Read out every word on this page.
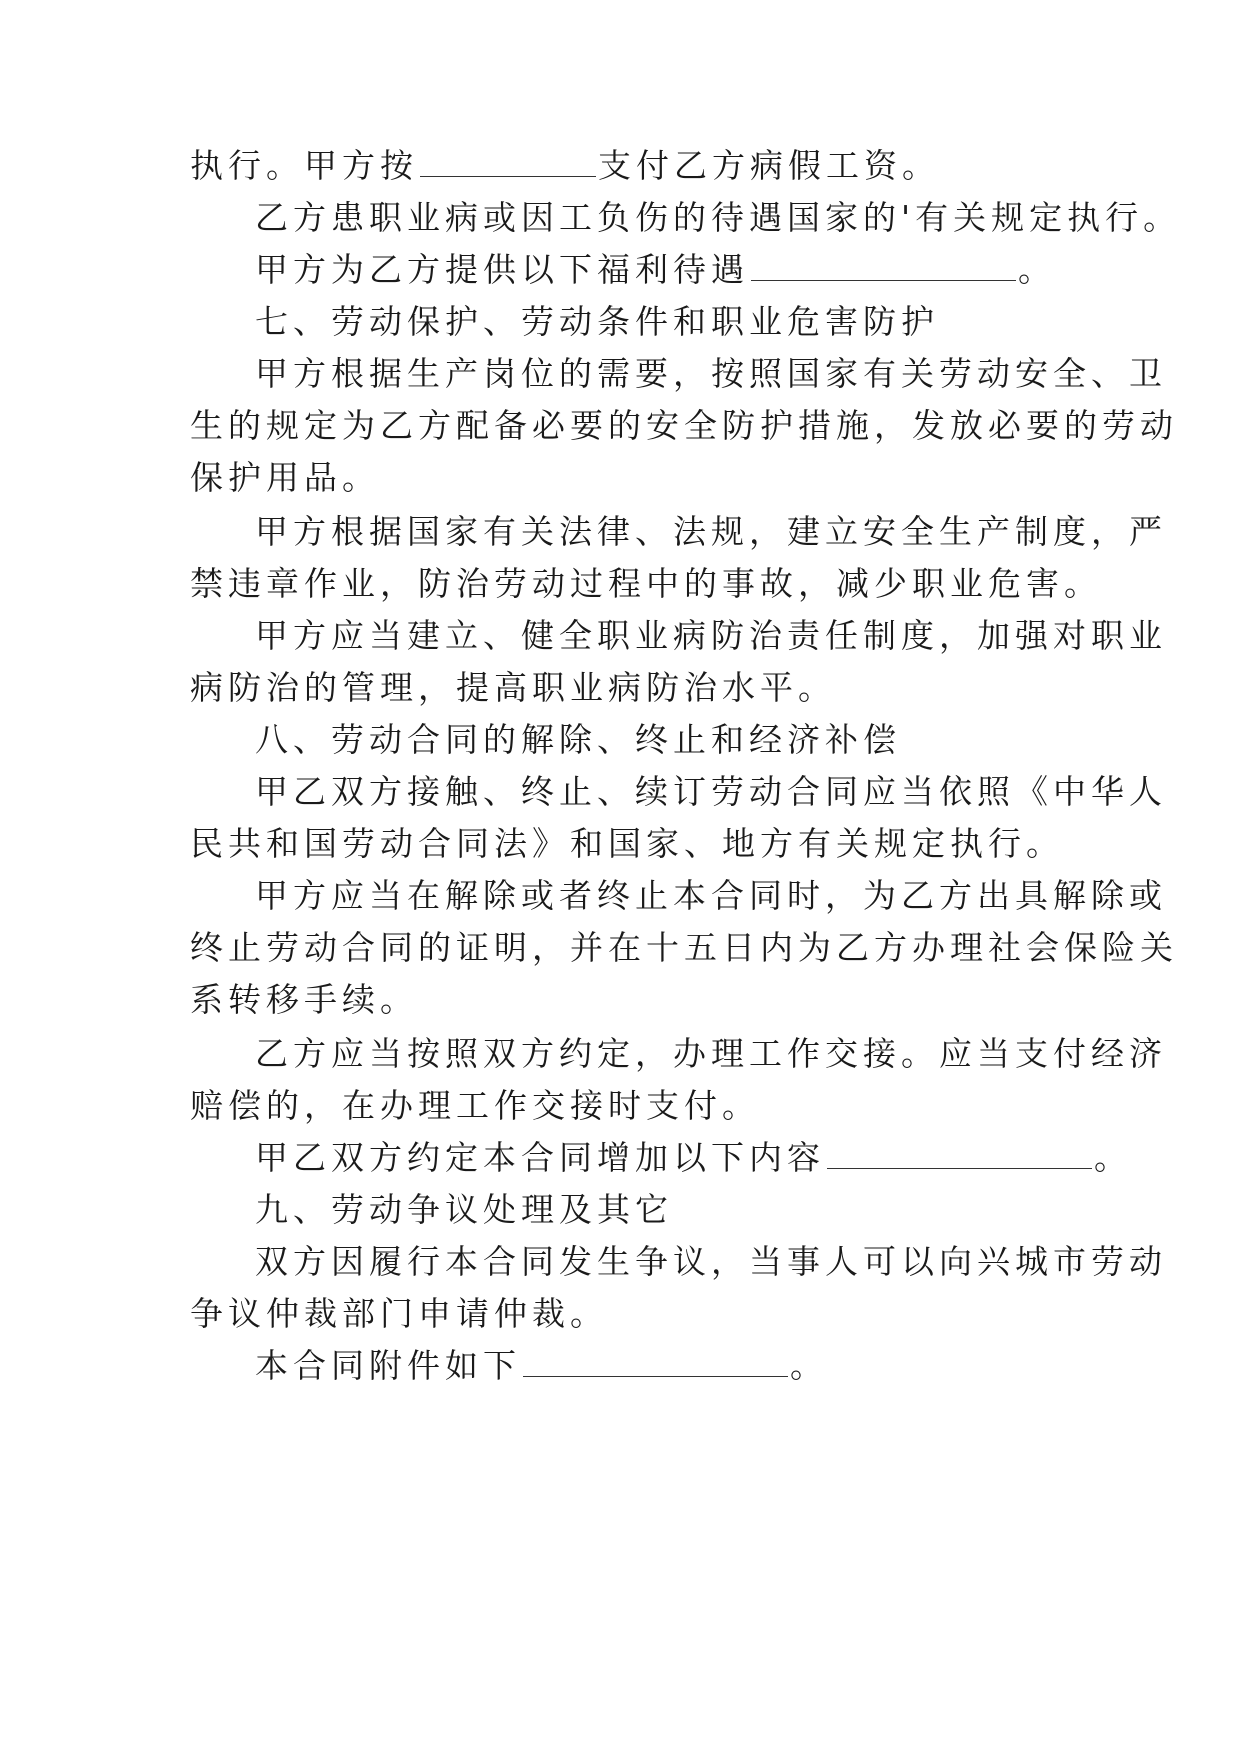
执行。甲方按	支付乙方病假工资。
乙方患职业病或因工负伤的待遇国家的'有关规定执行。
甲方为乙方提供以下福利待遇	。
七、劳动保护、劳动条件和职业危害防护
甲方根据生产岗位的需要，按照国家有关劳动安全、卫
生的规定为乙方配备必要的安全防护措施，发放必要的劳动
保护用品。
甲方根据国家有关法律、法规，建立安全生产制度，严
禁违章作业，防治劳动过程中的事故，减少职业危害。
甲方应当建立、健全职业病防治责任制度，加强对职业
病防治的管理，提高职业病防治水平。
八、劳动合同的解除、终止和经济补偿
甲乙双方接触、终止、续订劳动合同应当依照《中华人
民共和国劳动合同法》和国家、地方有关规定执行。
甲方应当在解除或者终止本合同时，为乙方出具解除或
终止劳动合同的证明，并在十五日内为乙方办理社会保险关
系转移手续。
乙方应当按照双方约定，办理工作交接。应当支付经济
赔偿的，在办理工作交接时支付。
甲乙双方约定本合同增加以下内容	。
九、劳动争议处理及其它
双方因履行本合同发生争议，当事人可以向兴城市劳动
争议仲裁部门申请仲裁。
本合同附件如下	。
